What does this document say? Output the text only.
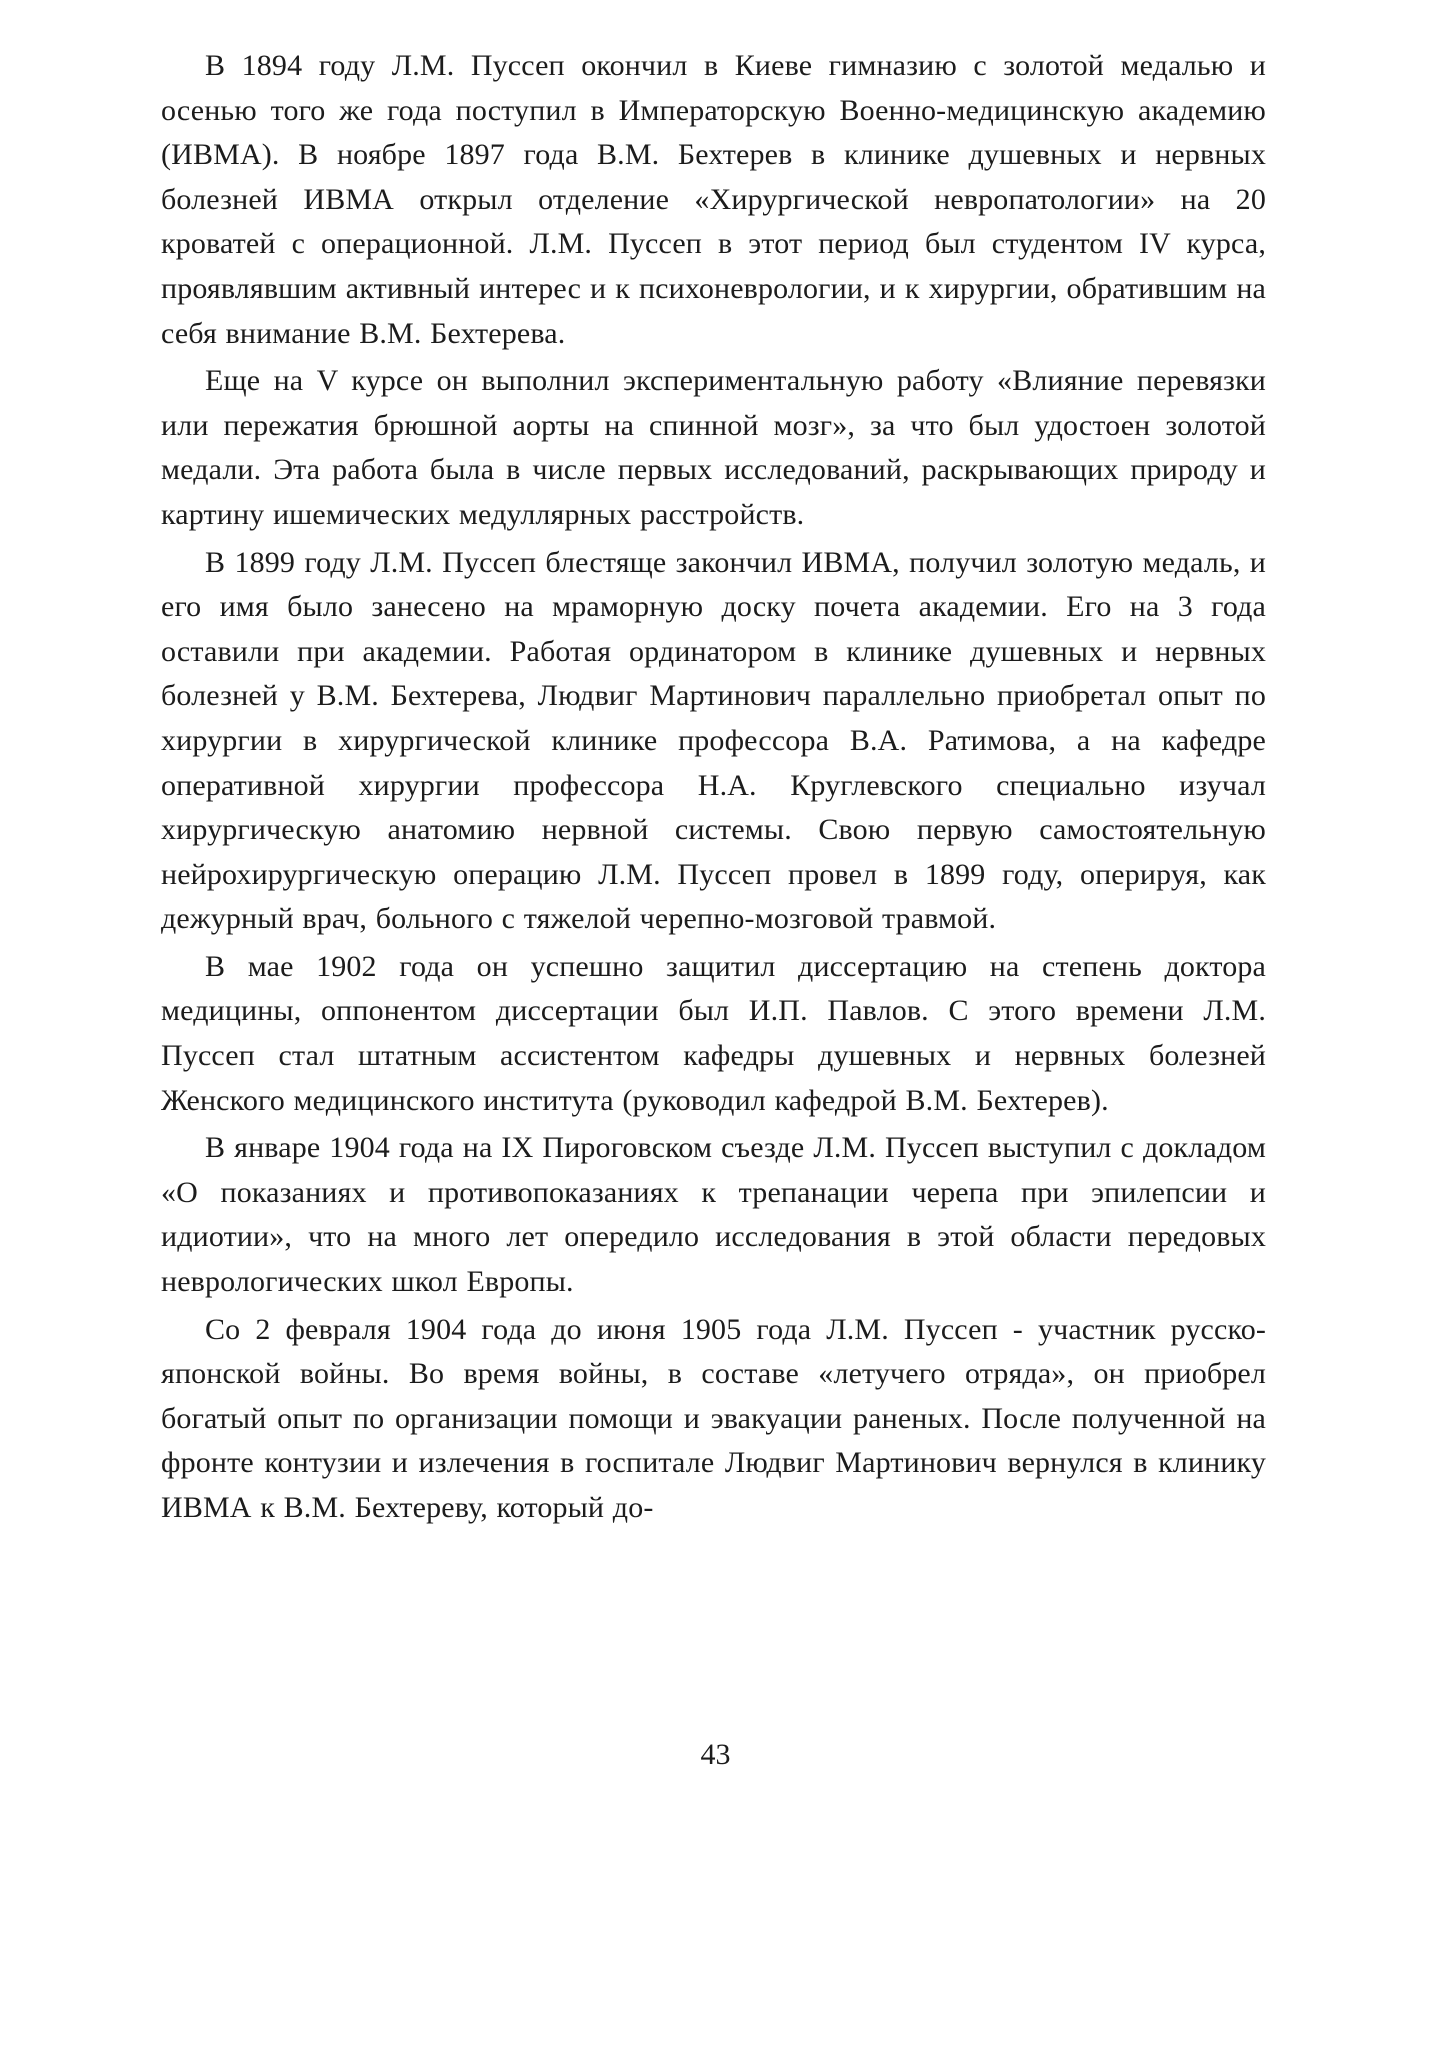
В 1894 году Л.М. Пуссеп окончил в Киеве гимназию с золотой медалью и осенью того же года поступил в Императорскую Военно-медицинскую академию (ИВМА). В ноябре 1897 года В.М. Бехтерев в клинике душевных и нервных болезней ИВМА открыл отделение «Хирургической невропатологии» на 20 кроватей с операционной. Л.М. Пуссеп в этот период был студентом IV курса, проявлявшим активный интерес и к психоневрологии, и к хирургии, обратившим на себя внимание В.М. Бехтерева.

Еще на V курсе он выполнил экспериментальную работу «Влияние перевязки или пережатия брюшной аорты на спинной мозг», за что был удостоен золотой медали. Эта работа была в числе первых исследований, раскрывающих природу и картину ишемических медуллярных расстройств.

В 1899 году Л.М. Пуссеп блестяще закончил ИВМА, получил золотую медаль, и его имя было занесено на мраморную доску почета академии. Его на 3 года оставили при академии. Работая ординатором в клинике душевных и нервных болезней у В.М. Бехтерева, Людвиг Мартинович параллельно приобретал опыт по хирургии в хирургической клинике профессора В.А. Ратимова, а на кафедре оперативной хирургии профессора Н.А. Круглевского специально изучал хирургическую анатомию нервной системы. Свою первую самостоятельную нейрохирургическую операцию Л.М. Пуссеп провел в 1899 году, оперируя, как дежурный врач, больного с тяжелой черепно-мозговой травмой.

В мае 1902 года он успешно защитил диссертацию на степень доктора медицины, оппонентом диссертации был И.П. Павлов. С этого времени Л.М. Пуссеп стал штатным ассистентом кафедры душевных и нервных болезней Женского медицинского института (руководил кафедрой В.М. Бехтерев).

В январе 1904 года на IX Пироговском съезде Л.М. Пуссеп выступил с докладом «О показаниях и противопоказаниях к трепанации черепа при эпилепсии и идиотии», что на много лет опередило исследования в этой области передовых неврологических школ Европы.

Со 2 февраля 1904 года до июня 1905 года Л.М. Пуссеп - участник русско-японской войны. Во время войны, в составе «летучего отряда», он приобрел богатый опыт по организации помощи и эвакуации раненых. После полученной на фронте контузии и излечения в госпитале Людвиг Мартинович вернулся в клинику ИВМА к В.М. Бехтереву, который до-

43
